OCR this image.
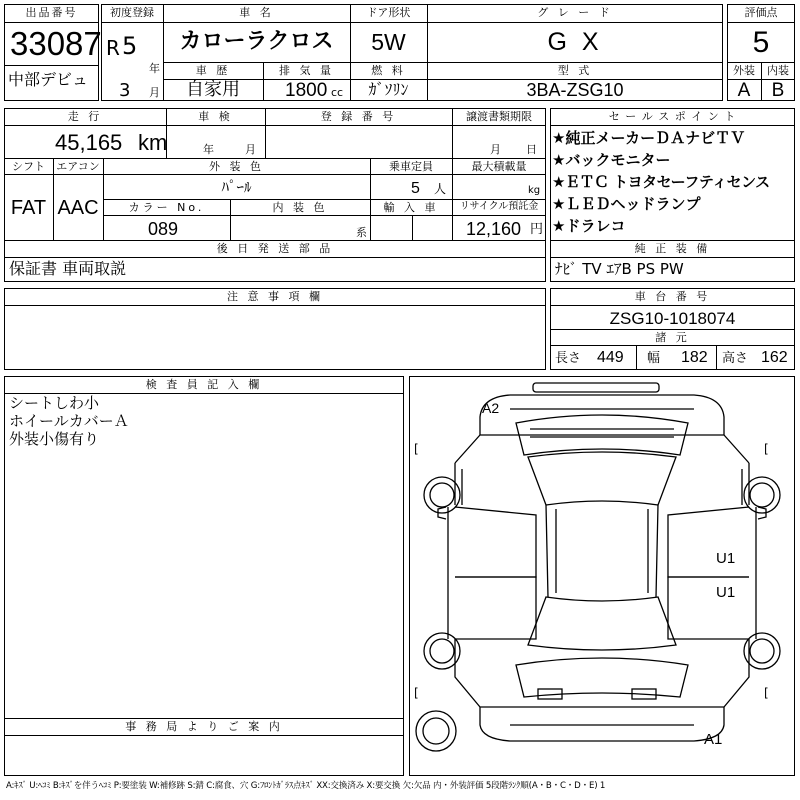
出品番号
33087
中部デビュ
初度登録
R 5
年
3 月
車 名
カローラクロス
ドア形状
5W
グ レ ー ド
G X
車 歴
自家用
排 気 量
1800 cc
燃 料
ｶﾞｿﾘﾝ
型 式
3BA-ZSG10
評価点
5
外装	内装
A	B
走 行
45,165 km
車 検
年	月
登 録 番 号	譲渡書類期限
月 日
シフト
FAT
エアコン
AAC
外 装 色
ﾊﾟｰﾙ
乗車定員
5 人
最大積載量
kg
カラー No.
089
内 装 色
系
輸 入 車	リサイクル預託金
12,160 円
後 日 発 送 部 品
保証書 車両取説
セ ー ル ス ポ イ ン ト
★純正メーカーＤＡナビＴＶ
★バックモニター
★ＥＴＣ トヨタセーフティセンス
★ＬＥＤヘッドランプ
★ドラレコ
純 正 装 備
ﾅﾋﾞ TV ｴｱB PS PW
注 意 事 項 欄	車 台 番 号
ZSG10-1018074
諸 元
長さ 449 幅 182 高さ 162
検 査 員 記 入 欄
シートしわ小
ホイールカバーＡ
外装小傷有り
事 務 局 よ り ご 案 内
A2
U1
U1
A1
[	[
[	[
A:ｷｽﾞ U:ﾍｺﾐ B:ｷｽﾞを伴うﾍｺﾐ P:要塗装 W:補修跡 S:錆 C:腐食、穴 G:ﾌﾛﾝﾄｶﾞﾗｽ点ｷｽﾞ XX:交換済み X:要交換 欠:欠品 内・外装評価 5段階ﾗﾝｸ順(A・B・C・D・E) 1
